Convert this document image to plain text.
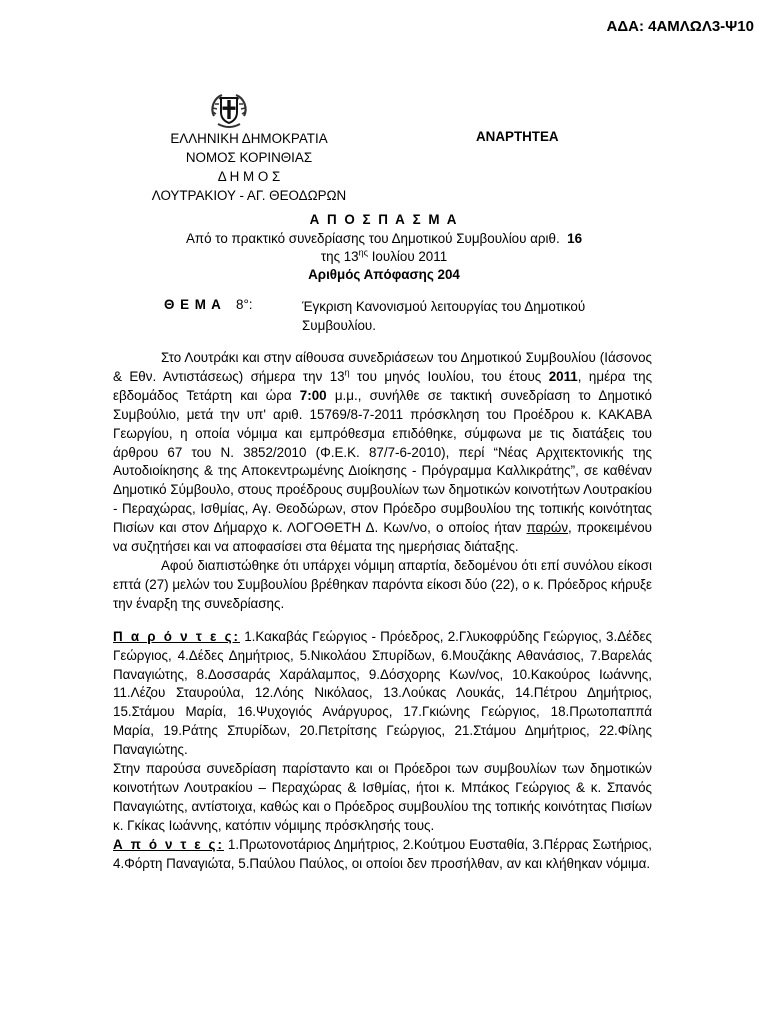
ΑΔΑ: 4ΑΜΛΩΛ3-Ψ10
ΕΛΛΗΝΙΚΗ ΔΗΜΟΚΡΑΤΙΑ
ΝΟΜΟΣ ΚΟΡΙΝΘΙΑΣ
Δ Η Μ Ο Σ
ΛΟΥΤΡΑΚΙΟΥ - ΑΓ. ΘΕΟΔΩΡΩΝ
ΑΝΑΡΤΗΤΕΑ
Α Π Ο Σ Π Α Σ Μ Α
Από το πρακτικό συνεδρίασης του Δημοτικού Συμβουλίου αριθ. 16
της $13^{\eta\varsigma}$ Ιουλίου 2011
Αριθμός Απόφασης 204
Θ Ε Μ Α 8°:	Έγκριση Κανονισμού λειτουργίας του Δημοτικού Συμβουλίου.

Στο Λουτράκι και στην αίθουσα συνεδριάσεων του Δημοτικού Συμβουλίου (Ιάσονος & Εθν. Αντιστάσεως) σήμερα την $13^\eta$ του μηνός Ιουλίου, του έτους 2011, ημέρα της εβδομάδος Τετάρτη και ώρα 7:00 μ.μ., συνήλθε σε τακτική συνεδρίαση το Δημοτικό Συμβούλιο, μετά την υπ' αριθ. 15769/8-7-2011 πρόσκληση του Προέδρου κ. ΚΑΚΑΒΑ Γεωργίου, η οποία νόμιμα και εμπρόθεσμα επιδόθηκε, σύμφωνα με τις διατάξεις του άρθρου 67 του Ν. 3852/2010 (Φ.Ε.Κ. 87/7-6-2010), περί “Νέας Αρχιτεκτονικής της Αυτοδιοίκησης & της Αποκεντρωμένης Διοίκησης - Πρόγραμμα Καλλικράτης”, σε καθέναν Δημοτικό Σύμβουλο, στους προέδρους συμβουλίων των δημοτικών κοινοτήτων Λουτρακίου - Περαχώρας, Ισθμίας, Αγ. Θεοδώρων, στον Πρόεδρο συμβουλίου της τοπικής κοινότητας Πισίων και στον Δήμαρχο κ. ΛΟΓΟΘΕΤΗ Δ. Κων/νο, ο οποίος ήταν παρών, προκειμένου να συζητήσει και να αποφασίσει στα θέματα της ημερήσιας διάταξης.

Αφού διαπιστώθηκε ότι υπάρχει νόμιμη απαρτία, δεδομένου ότι επί συνόλου είκοσι επτά (27) μελών του Συμβουλίου βρέθηκαν παρόντα είκοσι δύο (22), ο κ. Πρόεδρος κήρυξε την έναρξη της συνεδρίασης.

Π α ρ ό ν τ ε ς: 1.Κακαβάς Γεώργιος - Πρόεδρος, 2.Γλυκοφρύδης Γεώργιος, 3.Δέδες Γεώργιος, 4.Δέδες Δημήτριος, 5.Νικολάου Σπυρίδων, 6.Μουζάκης Αθανάσιος, 7.Βαρελάς Παναγιώτης, 8.Δοσσαράς Χαράλαμπος, 9.Δόσχορης Κων/νος, 10.Κακούρος Ιωάννης, 11.Λέζου Σταυρούλα, 12.Λόης Νικόλαος, 13.Λούκας Λουκάς, 14.Πέτρου Δημήτριος, 15.Στάμου Μαρία, 16.Ψυχογιός Ανάργυρος, 17.Γκιώνης Γεώργιος, 18.Πρωτοπαππά Μαρία, 19.Ράτης Σπυρίδων, 20.Πετρίτσης Γεώργιος, 21.Στάμου Δημήτριος, 22.Φίλης Παναγιώτης.

Στην παρούσα συνεδρίαση παρίσταντο και οι Πρόεδροι των συμβουλίων των δημοτικών κοινοτήτων Λουτρακίου – Περαχώρας & Ισθμίας, ήτοι κ. Μπάκος Γεώργιος & κ. Σπανός Παναγιώτης, αντίστοιχα, καθώς και ο Πρόεδρος συμβουλίου της τοπικής κοινότητας Πισίων κ. Γκίκας Ιωάννης, κατόπιν νόμιμης πρόσκλησής τους.

Α π ό ν τ ε ς: 1.Πρωτονοτάριος Δημήτριος, 2.Κούτμου Ευσταθία, 3.Πέρρας Σωτήριος, 4.Φόρτη Παναγιώτα, 5.Παύλου Παύλος, οι οποίοι δεν προσήλθαν, αν και κλήθηκαν νόμιμα.
